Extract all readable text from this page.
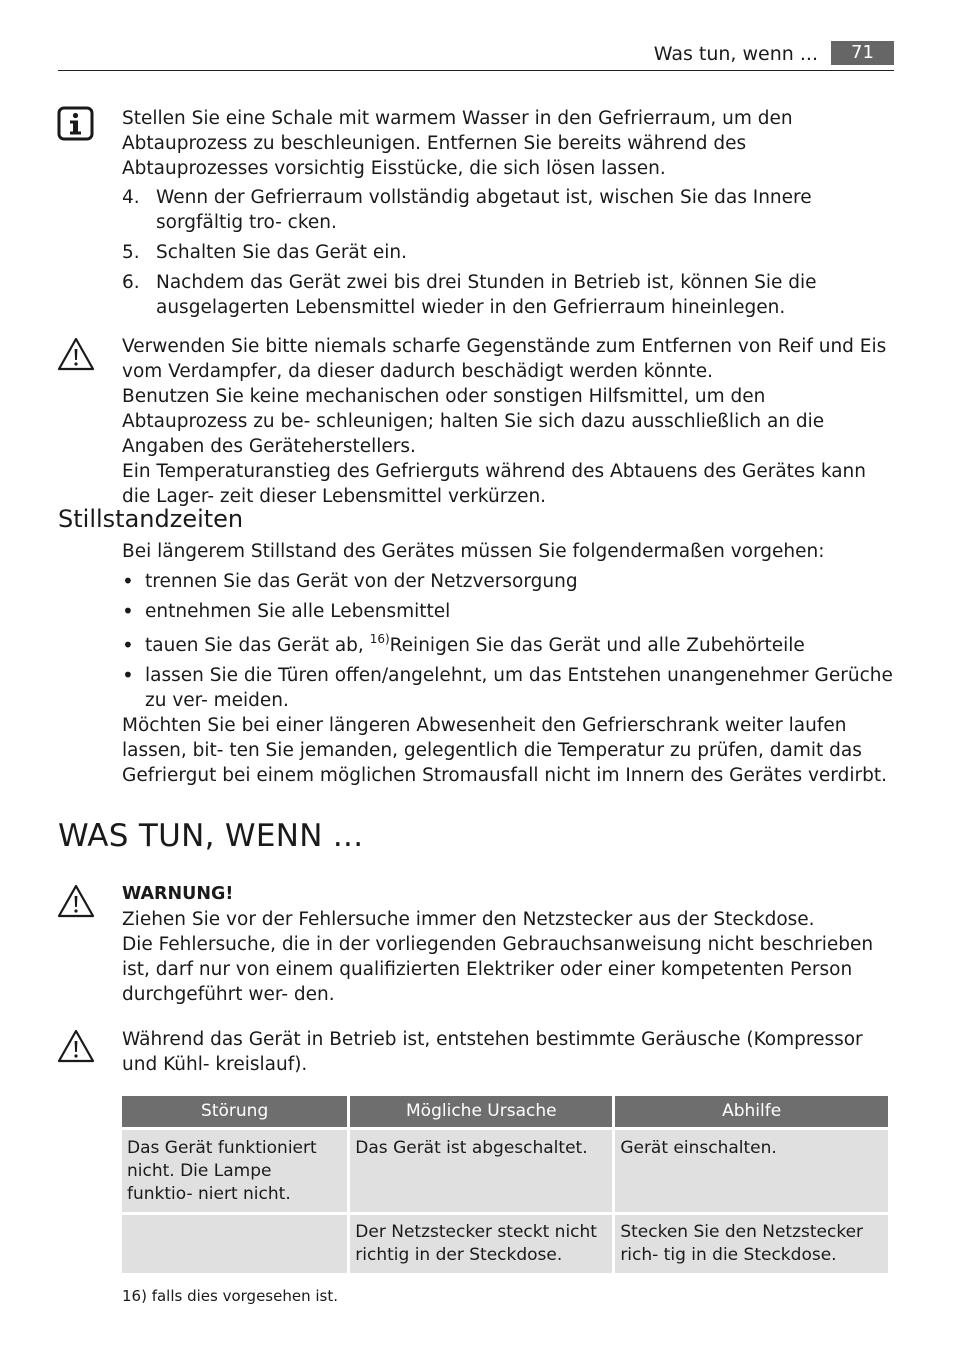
Was tun, wenn ...	71
Stellen Sie eine Schale mit warmem Wasser in den Gefrierraum, um den Abtauprozess zu beschleunigen. Entfernen Sie bereits während des Abtauprozesses vorsichtig Eisstücke, die sich lösen lassen.
4. Wenn der Gefrierraum vollständig abgetaut ist, wischen Sie das Innere sorgfältig tro- cken.
5. Schalten Sie das Gerät ein.
6. Nachdem das Gerät zwei bis drei Stunden in Betrieb ist, können Sie die ausgelagerten Lebensmittel wieder in den Gefrierraum hineinlegen.
Verwenden Sie bitte niemals scharfe Gegenstände zum Entfernen von Reif und Eis vom Verdampfer, da dieser dadurch beschädigt werden könnte.
Benutzen Sie keine mechanischen oder sonstigen Hilfsmittel, um den Abtauprozess zu be- schleunigen; halten Sie sich dazu ausschließlich an die Angaben des Geräteherstellers.
Ein Temperaturanstieg des Gefrierguts während des Abtauens des Gerätes kann die Lager- zeit dieser Lebensmittel verkürzen.
Stillstandzeiten
Bei längerem Stillstand des Gerätes müssen Sie folgendermaßen vorgehen:
• trennen Sie das Gerät von der Netzversorgung
• entnehmen Sie alle Lebensmittel
• tauen Sie das Gerät ab, $^{16)}$Reinigen Sie das Gerät und alle Zubehörteile
• lassen Sie die Türen offen/angelehnt, um das Entstehen unangenehmer Gerüche zu ver- meiden.
Möchten Sie bei einer längeren Abwesenheit den Gefrierschrank weiter laufen lassen, bit- ten Sie jemanden, gelegentlich die Temperatur zu prüfen, damit das Gefriergut bei einem möglichen Stromausfall nicht im Innern des Gerätes verdirbt.
WAS TUN, WENN ...
WARNUNG!
Ziehen Sie vor der Fehlersuche immer den Netzstecker aus der Steckdose.
Die Fehlersuche, die in der vorliegenden Gebrauchsanweisung nicht beschrieben ist, darf nur von einem qualifizierten Elektriker oder einer kompetenten Person durchgeführt wer- den.
Während das Gerät in Betrieb ist, entstehen bestimmte Geräusche (Kompressor und Kühl- kreislauf).
Störung	Mögliche Ursache	Abhilfe

Das Gerät funktioniert nicht. Die Lampe funktio- niert nicht.	Das Gerät ist abgeschaltet.	Gerät einschalten.

	Der Netzstecker steckt nicht richtig in der Steckdose.	Stecken Sie den Netzstecker rich- tig in die Steckdose.
16) falls dies vorgesehen ist.
